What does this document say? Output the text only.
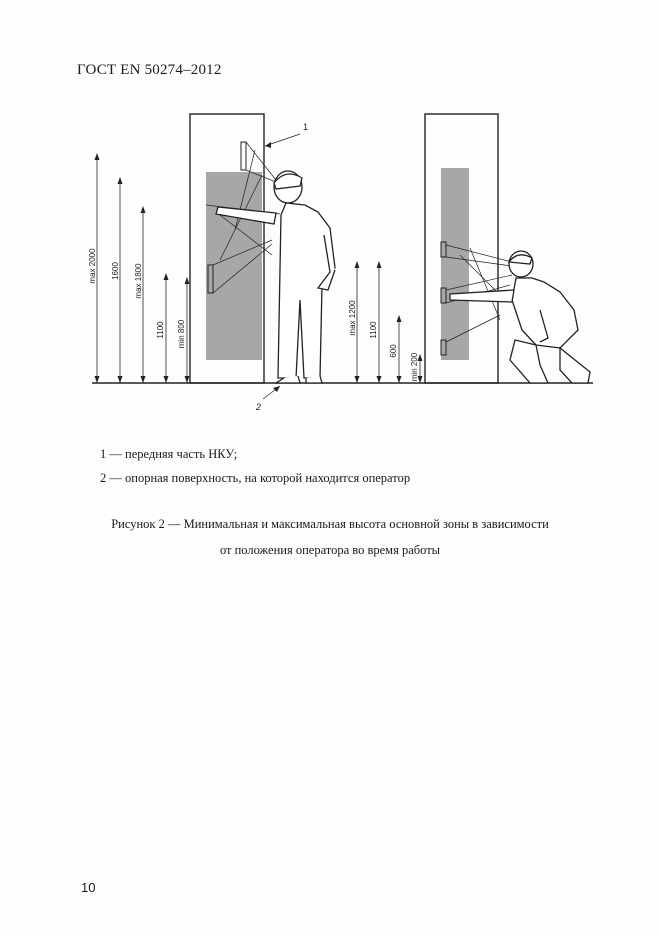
ГОСТ EN 50274–2012
1
2
max 2000 1600 max 1800
1100 min 800	max 1200 1100
600
min 200
1 — передняя часть НКУ;
2 — опорная поверхность, на которой находится оператор
Рисунок 2 — Минимальная и максимальная высота основной зоны в зависимости
от положения оператора во время работы
10
